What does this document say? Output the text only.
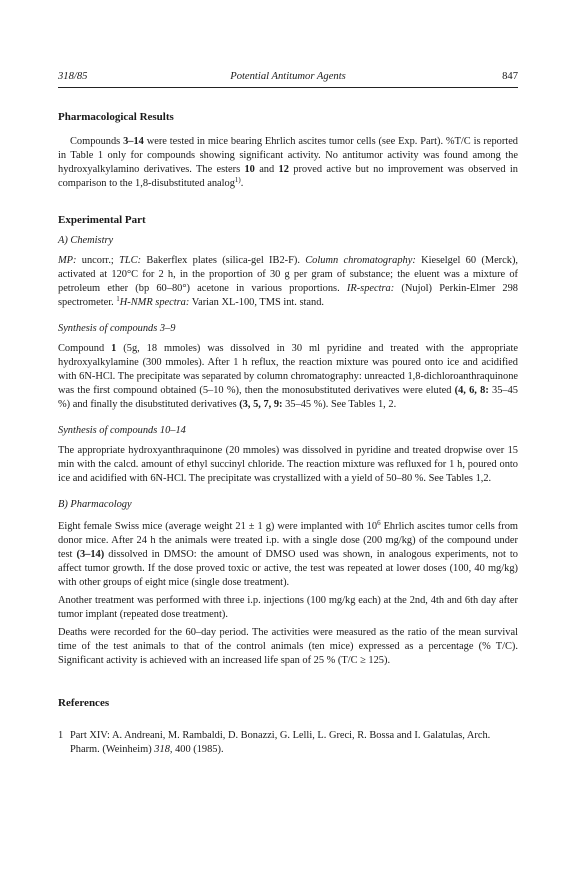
318/85	Potential Antitumor Agents	847
Pharmacological Results

Compounds 3–14 were tested in mice bearing Ehrlich ascites tumor cells (see Exp. Part). %T/C is reported in Table 1 only for compounds showing significant activity. No antitumor activity was found among the hydroxyalkylamino derivatives. The esters 10 and 12 proved active but no improvement was observed in comparison to the 1,8-disubstituted analog$^{1)}$.

Experimental Part

A) Chemistry

MP: uncorr.; TLC: Bakerflex plates (silica-gel IB2-F). Column chromatography: Kieselgel 60 (Merck), activated at 120°C for 2 h, in the proportion of 30 g per gram of substance; the eluent was a mixture of petroleum ether (bp 60–80°) acetone in various proportions. IR-spectra: (Nujol) Perkin-Elmer 298 spectrometer. $^1$H-NMR spectra: Varian XL-100, TMS int. stand.

Synthesis of compounds 3–9

Compound 1 (5g, 18 mmoles) was dissolved in 30 ml pyridine and treated with the appropriate hydroxyalkylamine (300 mmoles). After 1 h reflux, the reaction mixture was poured onto ice and acidified with 6N-HCl. The precipitate was separated by column chromatography: unreacted 1,8-dichloroanthraquinone was the first compound obtained (5–10 %), then the monosubstituted derivatives were eluted (4, 6, 8: 35–45 %) and finally the disubstituted derivatives (3, 5, 7, 9: 35–45 %). See Tables 1, 2.

Synthesis of compounds 10–14

The appropriate hydroxyanthraquinone (20 mmoles) was dissolved in pyridine and treated dropwise over 15 min with the calcd. amount of ethyl succinyl chloride. The reaction mixture was refluxed for 1 h, poured onto ice and acidified with 6N-HCl. The precipitate was crystallized with a yield of 50–80 %. See Tables 1,2.

B) Pharmacology

Eight female Swiss mice (average weight 21 ± 1 g) were implanted with $10^6$ Ehrlich ascites tumor cells from donor mice. After 24 h the animals were treated i.p. with a single dose (200 mg/kg) of the compound under test (3–14) dissolved in DMSO: the amount of DMSO used was shown, in analogous experiments, not to affect tumor growth. If the dose proved toxic or active, the test was repeated at lower doses (100, 40 mg/kg) with other groups of eight mice (single dose treatment).

Another treatment was performed with three i.p. injections (100 mg/kg each) at the 2nd, 4th and 6th day after tumor implant (repeated dose treatment).

Deaths were recorded for the 60–day period. The activities were measured as the ratio of the mean survival time of the test animals to that of the control animals (ten mice) expressed as a percentage (% T/C). Significant activity is achieved with an increased life span of 25 % (T/C ≥ 125).

References
1 Part XIV: A. Andreani, M. Rambaldi, D. Bonazzi, G. Lelli, L. Greci, R. Bossa and I. Galatulas, Arch. Pharm. (Weinheim) 318, 400 (1985).
